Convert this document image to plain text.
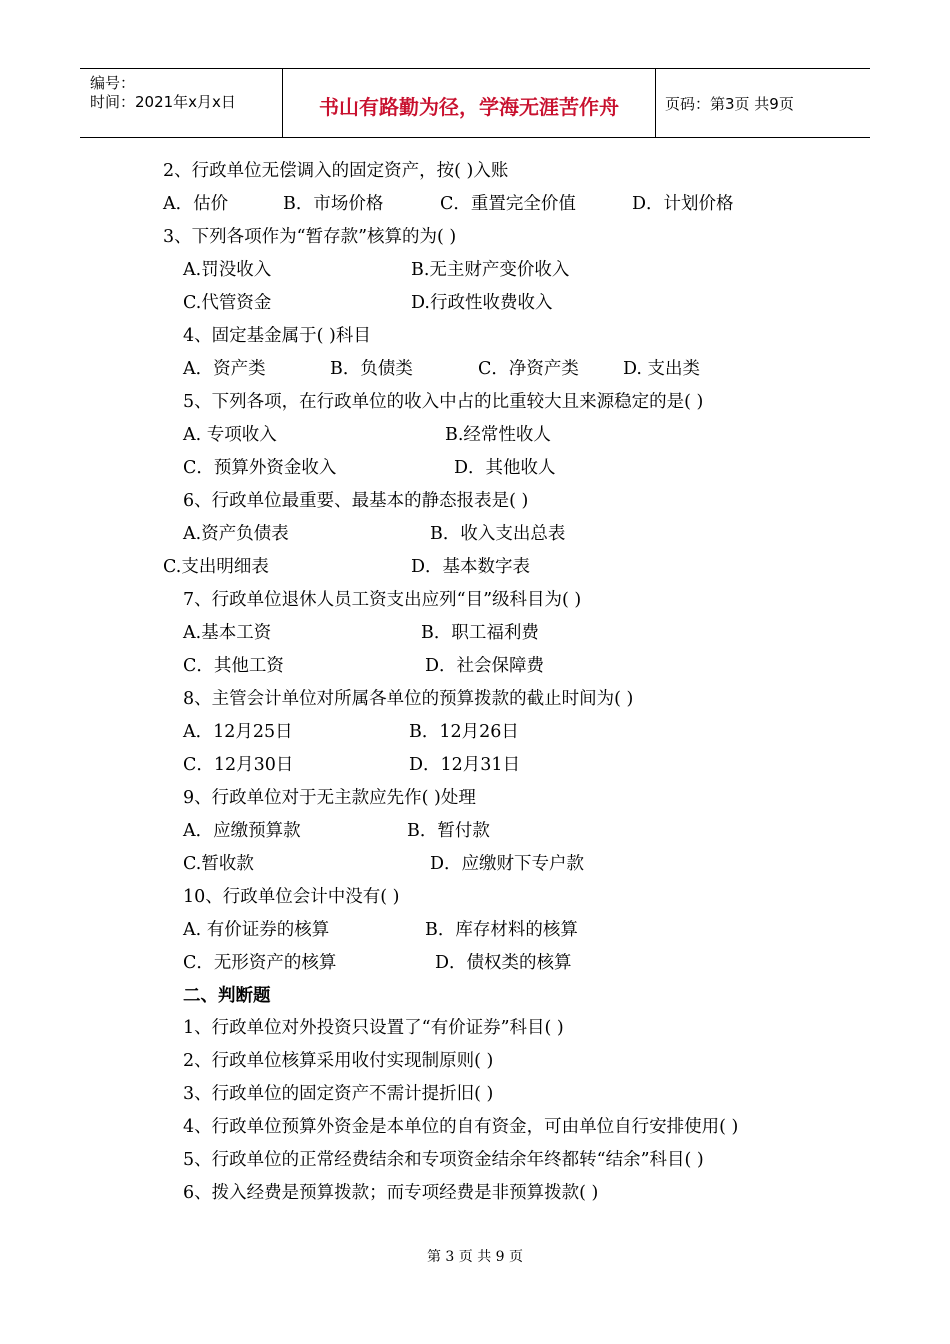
编号：
时间：2021年x月x日	书山有路勤为径，学海无涯苦作舟	页码：第3页 共9页
2、行政单位无偿调入的固定资产，按( )入账
A．估价	B．市场价格	C．重置完全价值	D．计划价格
3、下列各项作为“暂存款”核算的为( )
A.罚没收入	B.无主财产变价收入
C.代管资金	D.行政性收费收入
4、固定基金属于( )科目
A．资产类	B．负债类	C．净资产类	D. 支出类
5、下列各项，在行政单位的收入中占的比重较大且来源稳定的是( )
A. 专项收入	B.经常性收人
C．预算外资金收入	D．其他收人
6、行政单位最重要、最基本的静态报表是( )
A.资产负债表	B．收入支出总表
C.支出明细表	D．基本数字表
7、行政单位退休人员工资支出应列“目”级科目为( )
A.基本工资	B．职工福利费
C．其他工资	D．社会保障费
8、主管会计单位对所属各单位的预算拨款的截止时间为( )
A．12月25日	B．12月26日
C．12月30日	D．12月31日
9、行政单位对于无主款应先作( )处理
A．应缴预算款	B．暂付款
C.暂收款	D．应缴财下专户款
10、行政单位会计中没有( )
A. 有价证券的核算	B．库存材料的核算
C．无形资产的核算	D．债权类的核算
二、判断题
1、行政单位对外投资只设置了“有价证券”科目( )
2、行政单位核算采用收付实现制原则( )
3、行政单位的固定资产不需计提折旧( )
4、行政单位预算外资金是本单位的自有资金，可由单位自行安排使用( )
5、行政单位的正常经费结余和专项资金结余年终都转“结余”科目( )
6、拨入经费是预算拨款；而专项经费是非预算拨款( )
第 3 页 共 9 页
